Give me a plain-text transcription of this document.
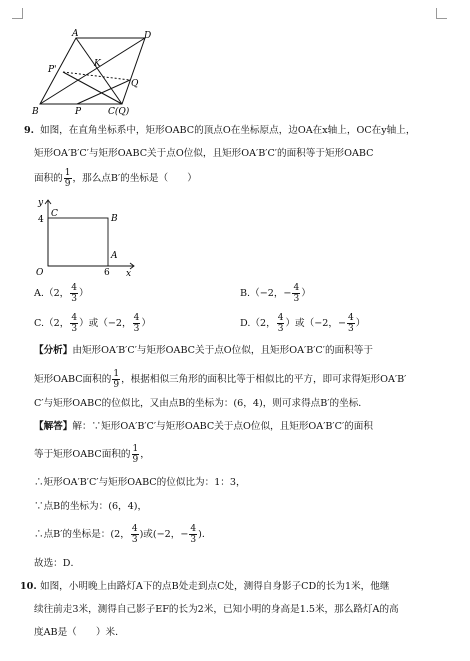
A	D
P'
K
Q
B	P	C(Q)
9. 如图，在直角坐标系中，矩形OABC的顶点O在坐标原点，边OA在x轴上，OC在y轴上，
矩形OA′B′C′与矩形OABC关于点O位似，且矩形OA′B′C′的面积等于矩形OABC
面积的 $\frac{1}{9}$ ，那么点B′的坐标是（　　）
y
x
C	B
A
O
4
6
A.（2， $\frac{4}{3}$ ）	B.（−2，− $\frac{4}{3}$ ）
C.（2， $\frac{4}{3}$ ）或（−2， $\frac{4}{3}$ ）	D.（2， $\frac{4}{3}$ ）或（−2，− $\frac{4}{3}$ ）
【分析】由矩形OA′B′C′与矩形OABC关于点O位似，且矩形OA′B′C′的面积等于
矩形OABC面积的 $\frac{1}{9}$ ，根据相似三角形的面积比等于相似比的平方，即可求得矩形OA′B′
C′与矩形OABC的位似比，又由点B的坐标为：(6，4)，则可求得点B′的坐标．
【解答】解：∵矩形OA′B′C′与矩形OABC关于点O位似，且矩形OA′B′C′的面积
等于矩形OABC面积的 $\frac{1}{9}$ ，
∴矩形OA′B′C′与矩形OABC的位似比为：1：3，
∵点B的坐标为：(6，4)，
∴点B′的坐标是：(2， $\frac{4}{3}$ )或(−2，− $\frac{4}{3}$ )．
故选：D．
10. 如图，小明晚上由路灯A下的点B处走到点C处，测得自身影子CD的长为1米，他继
续往前走3米，测得自己影子EF的长为2米，已知小明的身高是1.5米，那么路灯A的高
度AB是（　　）米．
